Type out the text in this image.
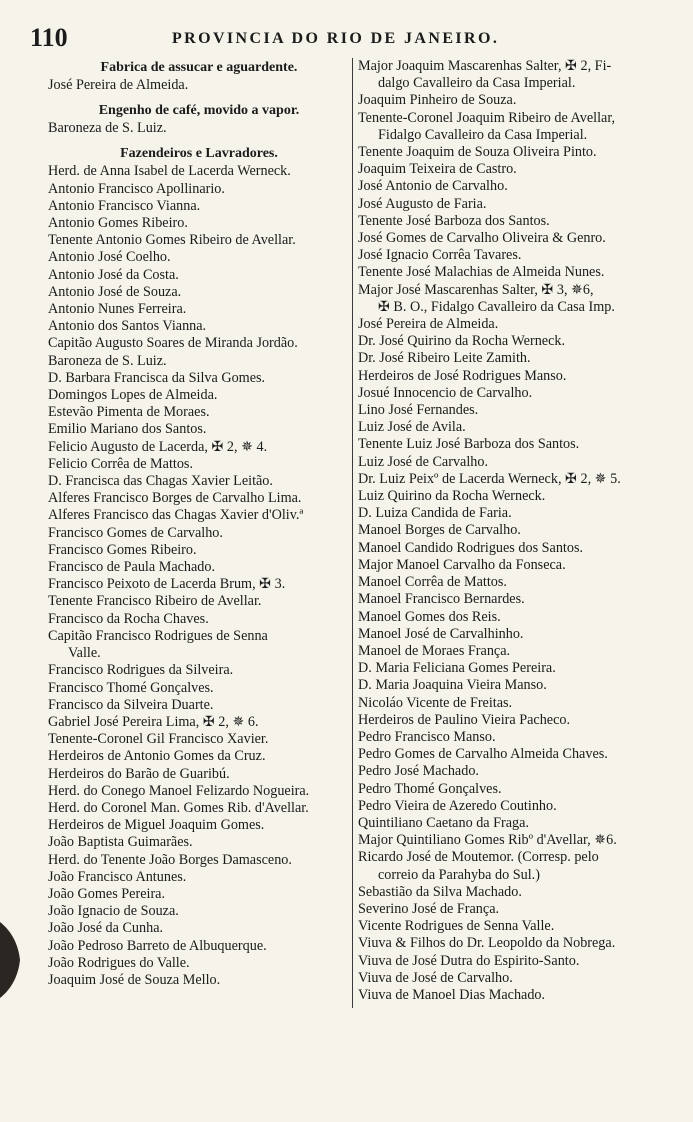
110	PROVINCIA DO RIO DE JANEIRO.
Fabrica de assucar e aguardente.
José Pereira de Almeida.
Engenho de café, movido a vapor.
Baroneza de S. Luiz.
Fazendeiros e Lavradores.
Herd. de Anna Isabel de Lacerda Werneck.
Antonio Francisco Apollinario.
Antonio Francisco Vianna.
Antonio Gomes Ribeiro.
Tenente Antonio Gomes Ribeiro de Avellar.
Antonio José Coelho.
Antonio José da Costa.
Antonio José de Souza.
Antonio Nunes Ferreira.
Antonio dos Santos Vianna.
Capitão Augusto Soares de Miranda Jordão.
Baroneza de S. Luiz.
D. Barbara Francisca da Silva Gomes.
Domingos Lopes de Almeida.
Estevão Pimenta de Moraes.
Emilio Mariano dos Santos.
Felicio Augusto de Lacerda, ✠ 2, ✵ 4.
Felicio Corrêa de Mattos.
D. Francisca das Chagas Xavier Leitão.
Alferes Francisco Borges de Carvalho Lima.
Alferes Francisco das Chagas Xavier d'Oliv.ª
Francisco Gomes de Carvalho.
Francisco Gomes Ribeiro.
Francisco de Paula Machado.
Francisco Peixoto de Lacerda Brum, ✠ 3.
Tenente Francisco Ribeiro de Avellar.
Francisco da Rocha Chaves.
Capitão Francisco Rodrigues de Senna
Valle.
Francisco Rodrigues da Silveira.
Francisco Thomé Gonçalves.
Francisco da Silveira Duarte.
Gabriel José Pereira Lima, ✠ 2, ✵ 6.
Tenente-Coronel Gil Francisco Xavier.
Herdeiros de Antonio Gomes da Cruz.
Herdeiros do Barão de Guaribú.
Herd. do Conego Manoel Felizardo Nogueira.
Herd. do Coronel Man. Gomes Rib. d'Avellar.
Herdeiros de Miguel Joaquim Gomes.
João Baptista Guimarães.
Herd. do Tenente João Borges Damasceno.
João Francisco Antunes.
João Gomes Pereira.
João Ignacio de Souza.
João José da Cunha.
João Pedroso Barreto de Albuquerque.
João Rodrigues do Valle.
Joaquim José de Souza Mello.
Major Joaquim Mascarenhas Salter, ✠ 2, Fi-
dalgo Cavalleiro da Casa Imperial.
Joaquim Pinheiro de Souza.
Tenente-Coronel Joaquim Ribeiro de Avellar,
Fidalgo Cavalleiro da Casa Imperial.
Tenente Joaquim de Souza Oliveira Pinto.
Joaquim Teixeira de Castro.
José Antonio de Carvalho.
José Augusto de Faria.
Tenente José Barboza dos Santos.
José Gomes de Carvalho Oliveira & Genro.
José Ignacio Corrêa Tavares.
Tenente José Malachias de Almeida Nunes.
Major José Mascarenhas Salter, ✠ 3, ✵6,
✠ B. O., Fidalgo Cavalleiro da Casa Imp.
José Pereira de Almeida.
Dr. José Quirino da Rocha Werneck.
Dr. José Ribeiro Leite Zamith.
Herdeiros de José Rodrigues Manso.
Josué Innocencio de Carvalho.
Lino José Fernandes.
Luiz José de Avila.
Tenente Luiz José Barboza dos Santos.
Luiz José de Carvalho.
Dr. Luiz Peixº de Lacerda Werneck, ✠ 2, ✵ 5.
Luiz Quirino da Rocha Werneck.
D. Luiza Candida de Faria.
Manoel Borges de Carvalho.
Manoel Candido Rodrigues dos Santos.
Major Manoel Carvalho da Fonseca.
Manoel Corrêa de Mattos.
Manoel Francisco Bernardes.
Manoel Gomes dos Reis.
Manoel José de Carvalhinho.
Manoel de Moraes França.
D. Maria Feliciana Gomes Pereira.
D. Maria Joaquina Vieira Manso.
Nicoláo Vicente de Freitas.
Herdeiros de Paulino Vieira Pacheco.
Pedro Francisco Manso.
Pedro Gomes de Carvalho Almeida Chaves.
Pedro José Machado.
Pedro Thomé Gonçalves.
Pedro Vieira de Azeredo Coutinho.
Quintiliano Caetano da Fraga.
Major Quintiliano Gomes Ribº d'Avellar, ✵6.
Ricardo José de Moutemor. (Corresp. pelo
correio da Parahyba do Sul.)
Sebastião da Silva Machado.
Severino José de França.
Vicente Rodrigues de Senna Valle.
Viuva & Filhos do Dr. Leopoldo da Nobrega.
Viuva de José Dutra do Espirito-Santo.
Viuva de José de Carvalho.
Viuva de Manoel Dias Machado.
